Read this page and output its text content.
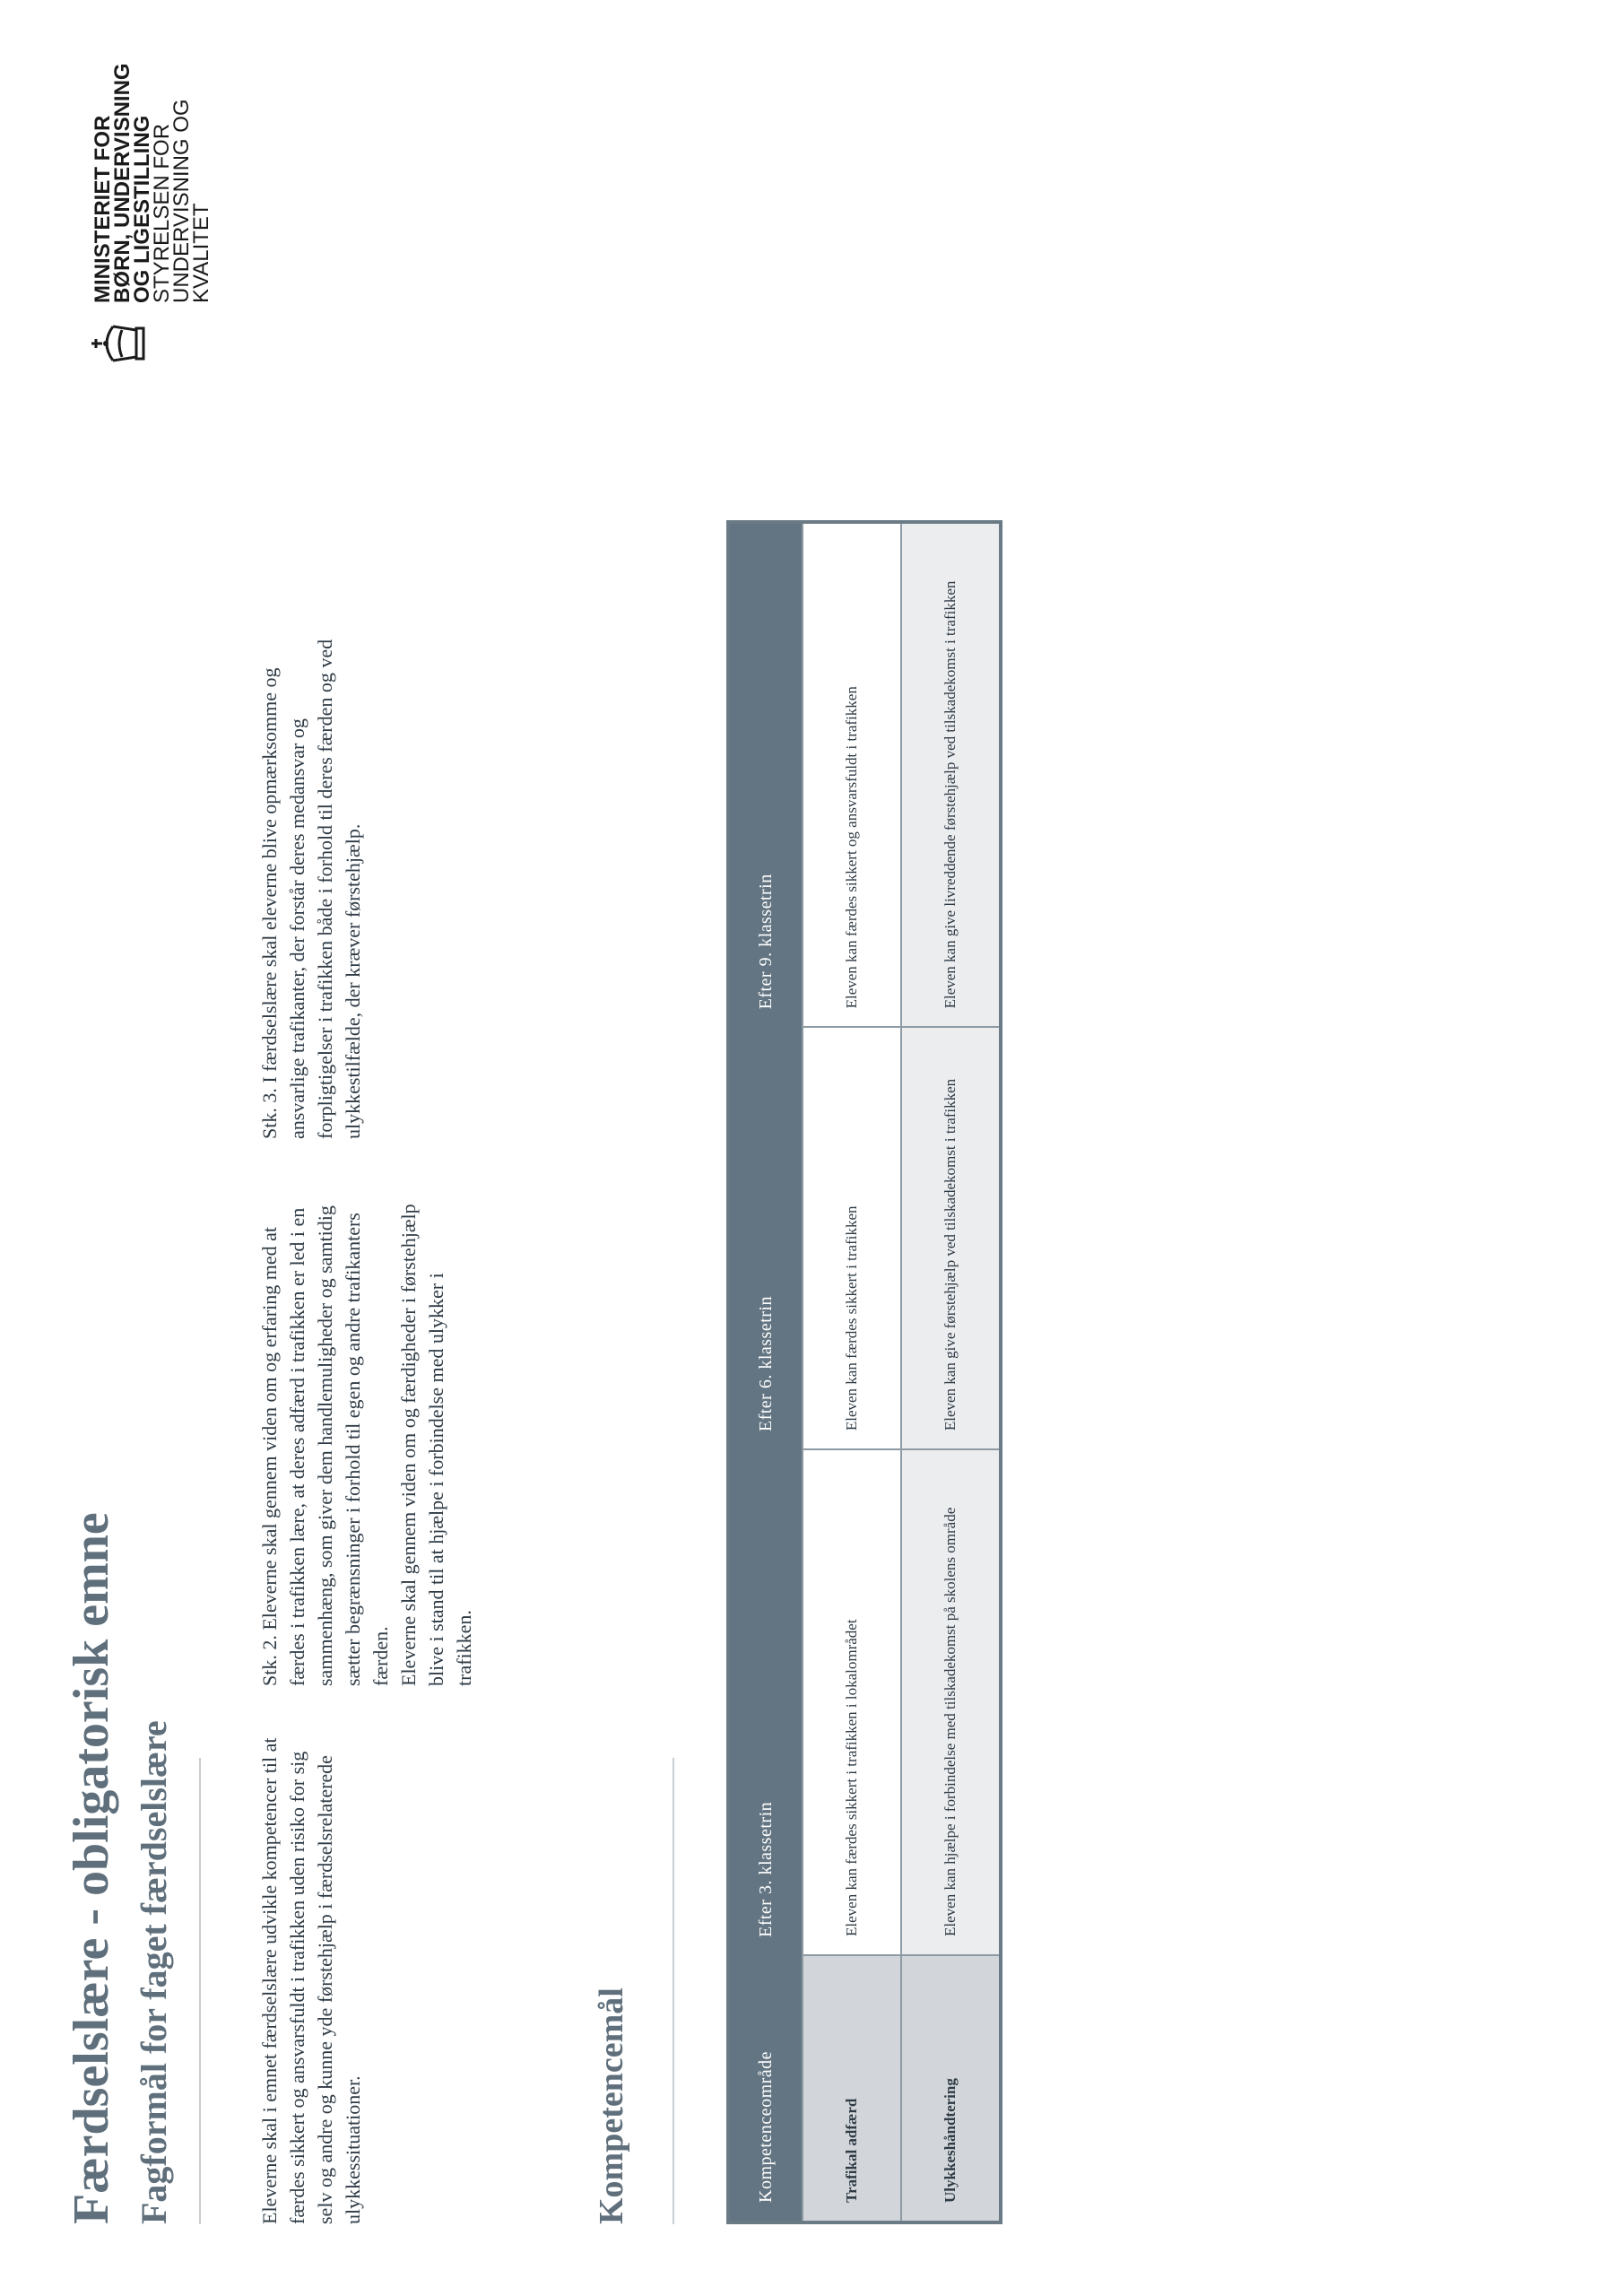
Færdselslære - obligatorisk emne Fagformål for faget færdselslære	Eleverne skal i emnet færdselslære udvikle kompetencer til at færdes sikkert og ansvarsfuldt i trafikken uden risiko for sig selv og andre og kunne yde førstehjælp i færdselsrelaterede ulykkessituationer.

Stk. 2. Eleverne skal gennem viden om og erfaring med at færdes i trafikken lære, at deres adfærd i trafikken er led i en sammenhæng, som giver dem handlemuligheder og samtidig sætter begrænsninger i forhold til egen og andre trafikanters færden. Eleverne skal gennem viden om og færdigheder i førstehjælp blive i stand til at hjælpe i forbindelse med ulykker i trafikken.

Stk. 3. I færdselslære skal eleverne blive opmærksomme og ansvarlige trafikanter, der forstår deres medansvar og forpligtigelser i trafikken både i forhold til deres færden og ved ulykkestilfælde, der kræver førstehjælp.

Kompetencemål	Kompetenceområde	Efter 3. klassetrin	Efter 6. klassetrin	Efter 9. klassetrin
Trafikal adfærd	Eleven kan færdes sikkert i trafikken i lokalområdet	Eleven kan færdes sikkert i trafikken	Eleven kan færdes sikkert og ansvarsfuldt i trafikken
Ulykkeshåndtering	Eleven kan hjælpe i forbindelse med tilskadekomst på skolens område	Eleven kan give førstehjælp ved tilskadekomst i trafikken	Eleven kan give livreddende førstehjælp ved tilskadekomst i trafikken
MINISTERIET FOR
BØRN, UNDERVISNING
OG LIGESTILLING
STYRELSEN FOR
UNDERVISNING OG KVALITET
